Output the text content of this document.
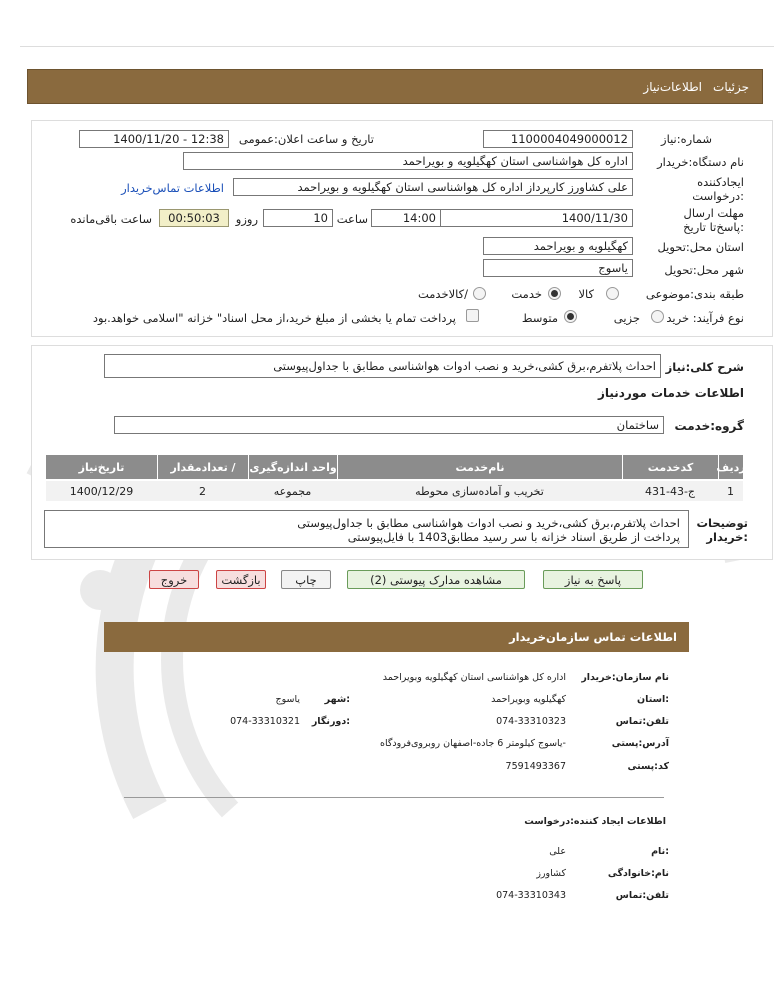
جزئیات
اطلاعات‌نیاز
شماره:نیاز
1100004049000012
تاریخ و ساعت اعلان:عمومی
1400/11/20 - 12:38
نام دستگاه:خریدار
اداره کل هواشناسی استان کهگیلویه و بویراحمد
ایجادکننده :درخواست
علی کشاورز کارپرداز اداره کل هواشناسی استان کهگیلویه و بویراحمد
اطلاعات تماس‌خریدار
مهلت ارسال :پاسخ‌تا تاریخ
1400/11/30
ساعت	14:00
10
روزو
00:50:03
ساعت باقی‌مانده
استان محل:تحویل
کهگیلویه و بویراحمد
شهر محل:تحویل
یاسوج
طبقه بندی:موضوعی
کالا
خدمت
/کالاخدمت
نوع فرآیند: خرید
جزیی
متوسط
پرداخت تمام یا بخشی از مبلغ خرید،از محل اسناد" خزانه "اسلامی خواهد.بود
شرح کلی:نیاز
احداث پلاتفرم،برق کشی،خرید و نصب ادوات هواشناسی مطابق با جداول‌پیوستی
اطلاعات خدمات موردنیاز
گروه:خدمت
ساختمان
ردیف
کدخدمت
نام‌خدمت
واحد اندازه‌گیری
/ تعدادمقدار
تاریخ‌نیاز
1
ج-43-431
تخریب و آماده‌سازی محوطه
مجموعه
2
1400/12/29
توضیحات :خریدار
احداث پلاتفرم،برق کشی،خرید و نصب ادوات هواشناسی مطابق با جداول‌پیوستی
پرداخت از طریق اسناد خزانه با سر رسید مطابق1403 با فایل‌پیوستی
پاسخ به نیاز
مشاهده مدارک پیوستی (2)
چاپ
بازگشت
خروج
اطلاعات تماس سازمان‌خریدار
نام سازمان:خریدار
اداره کل هواشناسی استان کهگیلویه وبویراحمد
:استان
کهگیلویه وبویراحمد
:شهر
یاسوج
تلفن:تماس
074-33310323
:دورنگار
074-33310321
آدرس:پستی
-یاسوج کیلومتر 6 جاده-اصفهان روبروی‌فرودگاه
کد:پستی
7591493367
اطلاعات ایجاد کننده:درخواست
:نام
علی
نام:خانوادگی
کشاورز
تلفن:تماس
074-33310343
